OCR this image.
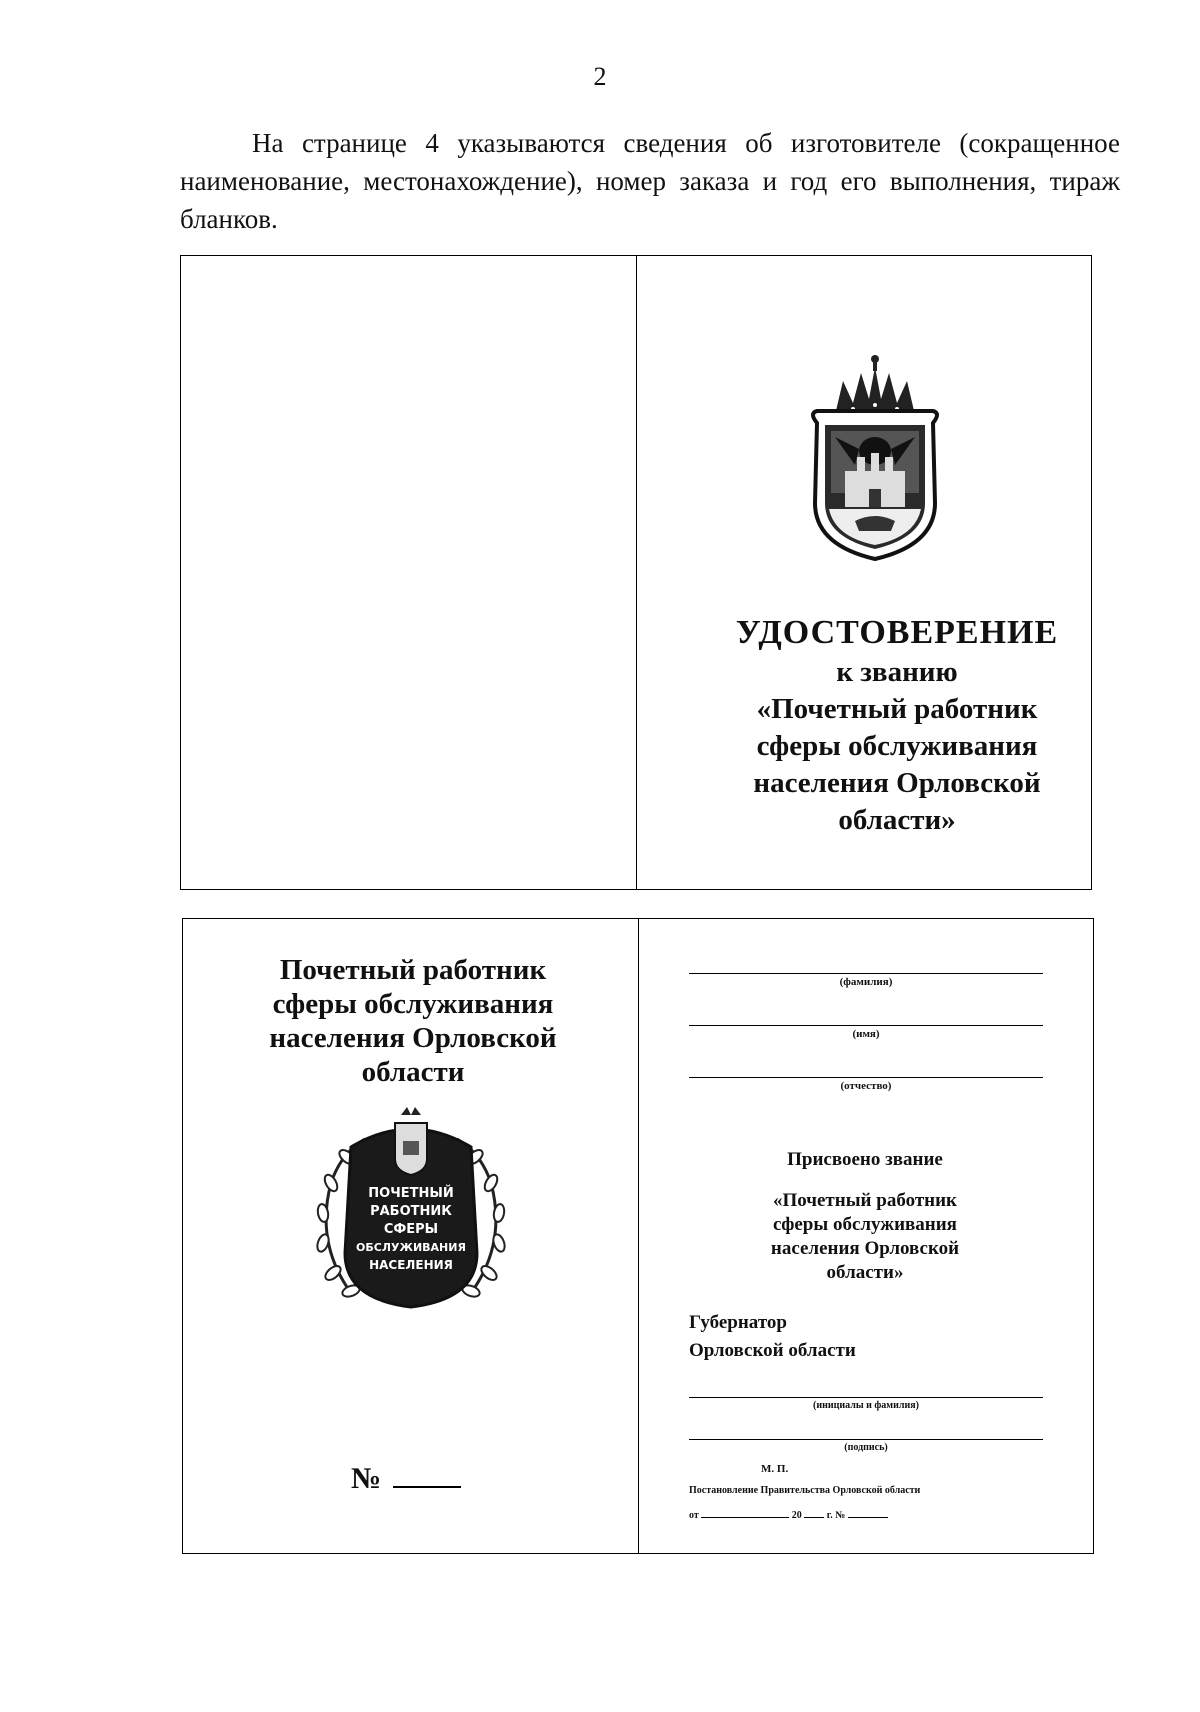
2

На странице 4 указываются сведения об изготовителе (сокращенное наименование, местонахождение), номер заказа и год его выполнения, тираж бланков.

УДОСТОВЕРЕНИЕ
к званию
«Почетный работник
сферы обслуживания
населения Орловской
области»
Почетный работник
сферы обслуживания
населения Орловской
области
ПОЧЕТНЫЙ
РАБОТНИК
СФЕРЫ
ОБСЛУЖИВАНИЯ
НАСЕЛЕНИЯ
№
(фамилия)
(имя)
(отчество)
Присвоено звание
«Почетный работник
сферы обслуживания
населения Орловской
области»
Губернатор
Орловской области
(инициалы и фамилия)
(подпись)
М. П.
Постановление Правительства Орловской области
от	20	г. №
